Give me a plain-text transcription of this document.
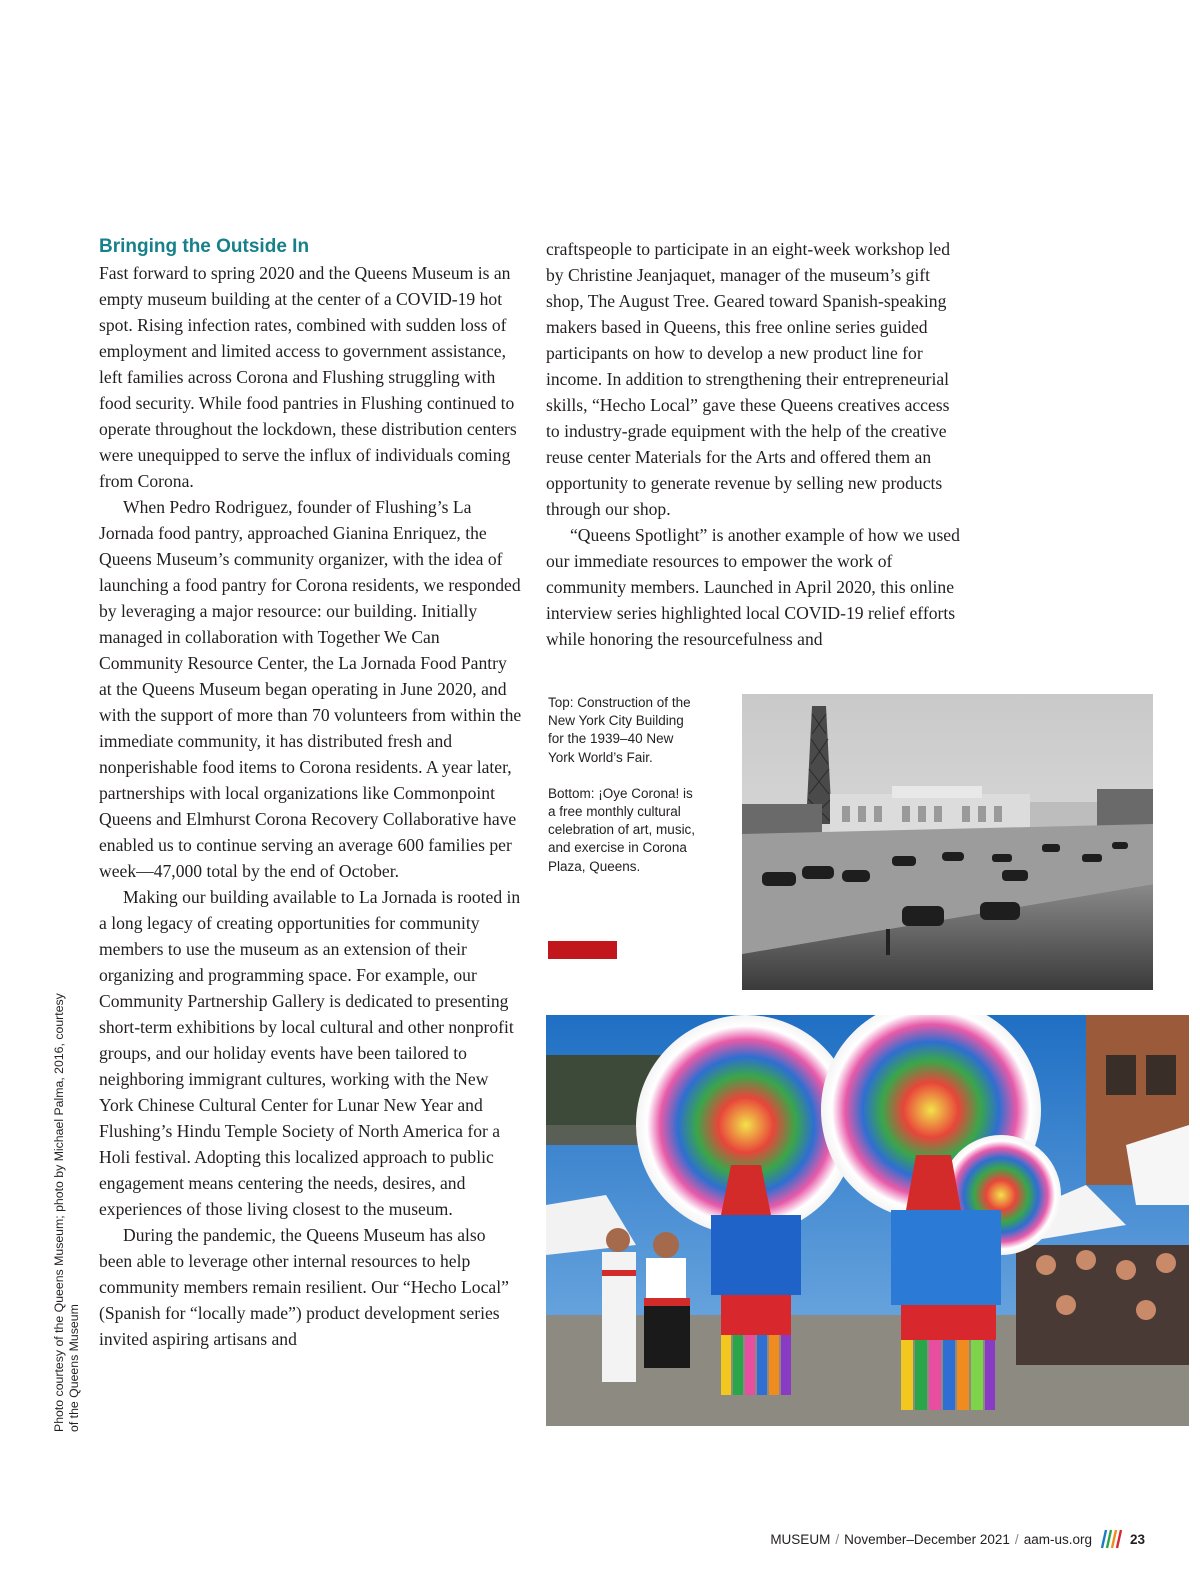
Bringing the Outside In

Fast forward to spring 2020 and the Queens Museum is an empty museum building at the center of a COVID-19 hot spot. Rising infection rates, combined with sudden loss of employment and limited access to government assistance, left families across Corona and Flushing struggling with food security. While food pantries in Flushing continued to operate throughout the lockdown, these distribution centers were unequipped to serve the influx of individuals coming from Corona.

When Pedro Rodriguez, founder of Flushing’s La Jornada food pantry, approached Gianina Enriquez, the Queens Museum’s community organizer, with the idea of launching a food pantry for Corona residents, we responded by leveraging a major resource: our building. Initially managed in collaboration with Together We Can Community Resource Center, the La Jornada Food Pantry at the Queens Museum began operating in June 2020, and with the support of more than 70 volunteers from within the immediate community, it has distributed fresh and nonperishable food items to Corona residents. A year later, partnerships with local organizations like Commonpoint Queens and Elmhurst Corona Recovery Collaborative have enabled us to continue serving an average 600 families per week—47,000 total by the end of October.

Making our building available to La Jornada is rooted in a long legacy of creating opportunities for community members to use the museum as an extension of their organizing and programming space. For example, our Community Partnership Gallery is dedicated to presenting short-term exhibitions by local cultural and other nonprofit groups, and our holiday events have been tailored to neighboring immigrant cultures, working with the New York Chinese Cultural Center for Lunar New Year and Flushing’s Hindu Temple Society of North America for a Holi festival. Adopting this localized approach to public engagement means centering the needs, desires, and experiences of those living closest to the museum.

During the pandemic, the Queens Museum has also been able to leverage other internal resources to help community members remain resilient. Our “Hecho Local” (Spanish for “locally made”) product development series invited aspiring artisans and

craftspeople to participate in an eight-week workshop led by Christine Jeanjaquet, manager of the museum’s gift shop, The August Tree. Geared toward Spanish-speaking makers based in Queens, this free online series guided participants on how to develop a new product line for income. In addition to strengthening their entrepreneurial skills, “Hecho Local” gave these Queens creatives access to industry-grade equipment with the help of the creative reuse center Materials for the Arts and offered them an opportunity to generate revenue by selling new products through our shop.

“Queens Spotlight” is another example of how we used our immediate resources to empower the work of community members. Launched in April 2020, this online interview series highlighted local COVID-19 relief efforts while honoring the resourcefulness and

Top: Construction of the New York City Building for the 1939–40 New York World’s Fair.

Bottom: ¡Oye Corona! is a free monthly cultural celebration of art, music, and exercise in Corona Plaza, Queens.

Photo courtesy of the Queens Museum; photo by Michael Palma, 2016, courtesy of the Queens Museum
MUSEUM / November–December 2021 / aam-us.org	23
